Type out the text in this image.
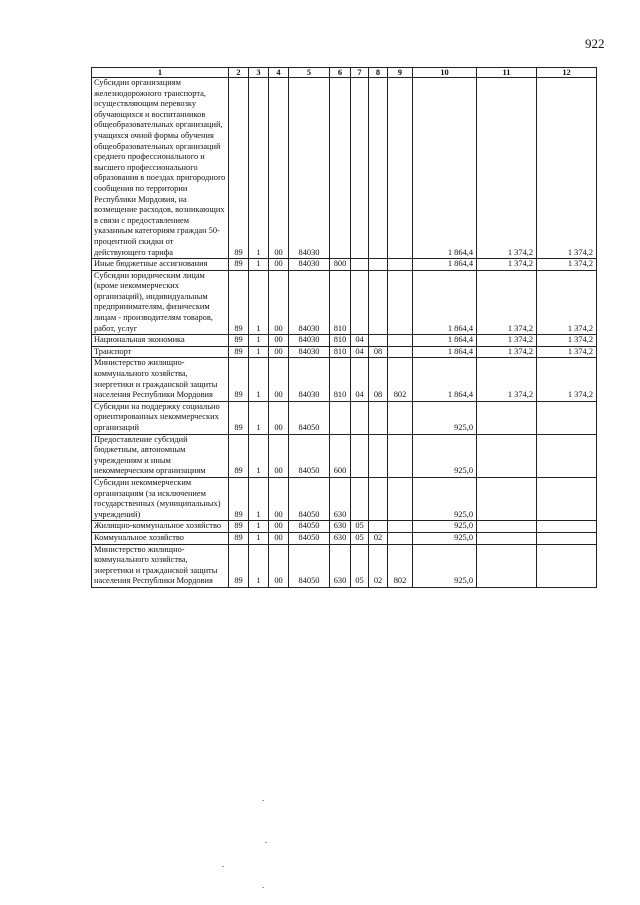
922
1	2	3	4	5	6	7	8	9	10	11	12
Субсидии организациям железнодорожного транспорта, осуществляющим перевозку обучающихся и воспитанников общеобразовательных организаций, учащихся очной формы обучения общеобразовательных организаций среднего профессионального и высшего профессионального образования в поездах пригородного сообщения по территории Республики Мордовия, на возмещение расходов, возникающих в связи с предоставлением указанным категориям граждан 50-процентной скидки от действующего тарифа	89	1	00	84030					1 864,4	1 374,2	1 374,2
Иные бюджетные ассигнования	89	1	00	84030	800				1 864,4	1 374,2	1 374,2
Субсидии юридическим лицам (кроме некоммерческих организаций), индивидуальным предпринимателям, физическим лицам - производителям товаров, работ, услуг	89	1	00	84030	810				1 864,4	1 374,2	1 374,2
Национальная экономика	89	1	00	84030	810	04			1 864,4	1 374,2	1 374,2
Транспорт	89	1	00	84030	810	04	08		1 864,4	1 374,2	1 374,2
Министерство жилищно-коммунального хозяйства, энергетики и гражданской защиты населения Республики Мордовия	89	1	00	84030	810	04	08	802	1 864,4	1 374,2	1 374,2
Субсидии на поддержку социально ориентированных некоммерческих организаций	89	1	00	84050					925,0		
Предоставление субсидий бюджетным, автономным учреждениям и иным некоммерческим организациям	89	1	00	84050	600				925,0		
Субсидии некоммерческим организациям (за исключением государственных (муниципальных) учреждений)	89	1	00	84050	630				925,0		
Жилищно-коммунальное хозяйство	89	1	00	84050	630	05			925,0		
Коммунальное хозяйство	89	1	00	84050	630	05	02		925,0		
Министерство жилищно-коммунального хозяйства, энергетики и гражданской защиты населения Республики Мордовия	89	1	00	84050	630	05	02	802	925,0		
